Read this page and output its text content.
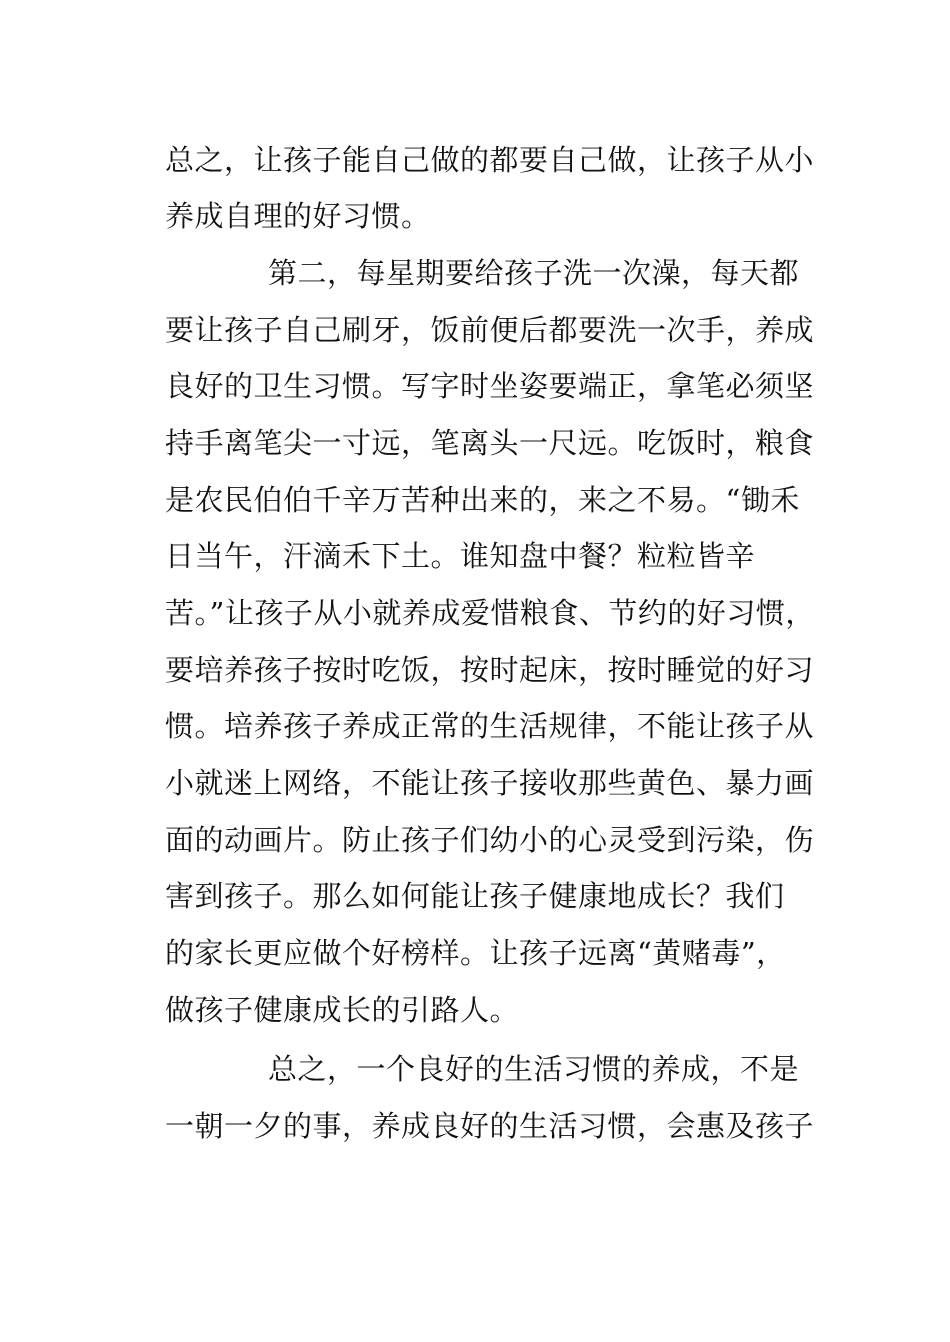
总之，让孩子能自己做的都要自己做，让孩子从小
养成自理的好习惯。
第二，每星期要给孩子洗一次澡，每天都
要让孩子自己刷牙，饭前便后都要洗一次手，养成
良好的卫生习惯。写字时坐姿要端正，拿笔必须坚
持手离笔尖一寸远，笔离头一尺远。吃饭时，粮食
是农民伯伯千辛万苦种出来的，来之不易。“锄禾
日当午，汗滴禾下土。谁知盘中餐？粒粒皆辛
苦。”让孩子从小就养成爱惜粮食、节约的好习惯，
要培养孩子按时吃饭，按时起床，按时睡觉的好习
惯。培养孩子养成正常的生活规律，不能让孩子从
小就迷上网络，不能让孩子接收那些黄色、暴力画
面的动画片。防止孩子们幼小的心灵受到污染，伤
害到孩子。那么如何能让孩子健康地成长？我们
的家长更应做个好榜样。让孩子远离“黄赌毒”，
做孩子健康成长的引路人。
总之，一个良好的生活习惯的养成，不是
一朝一夕的事，养成良好的生活习惯，会惠及孩子
